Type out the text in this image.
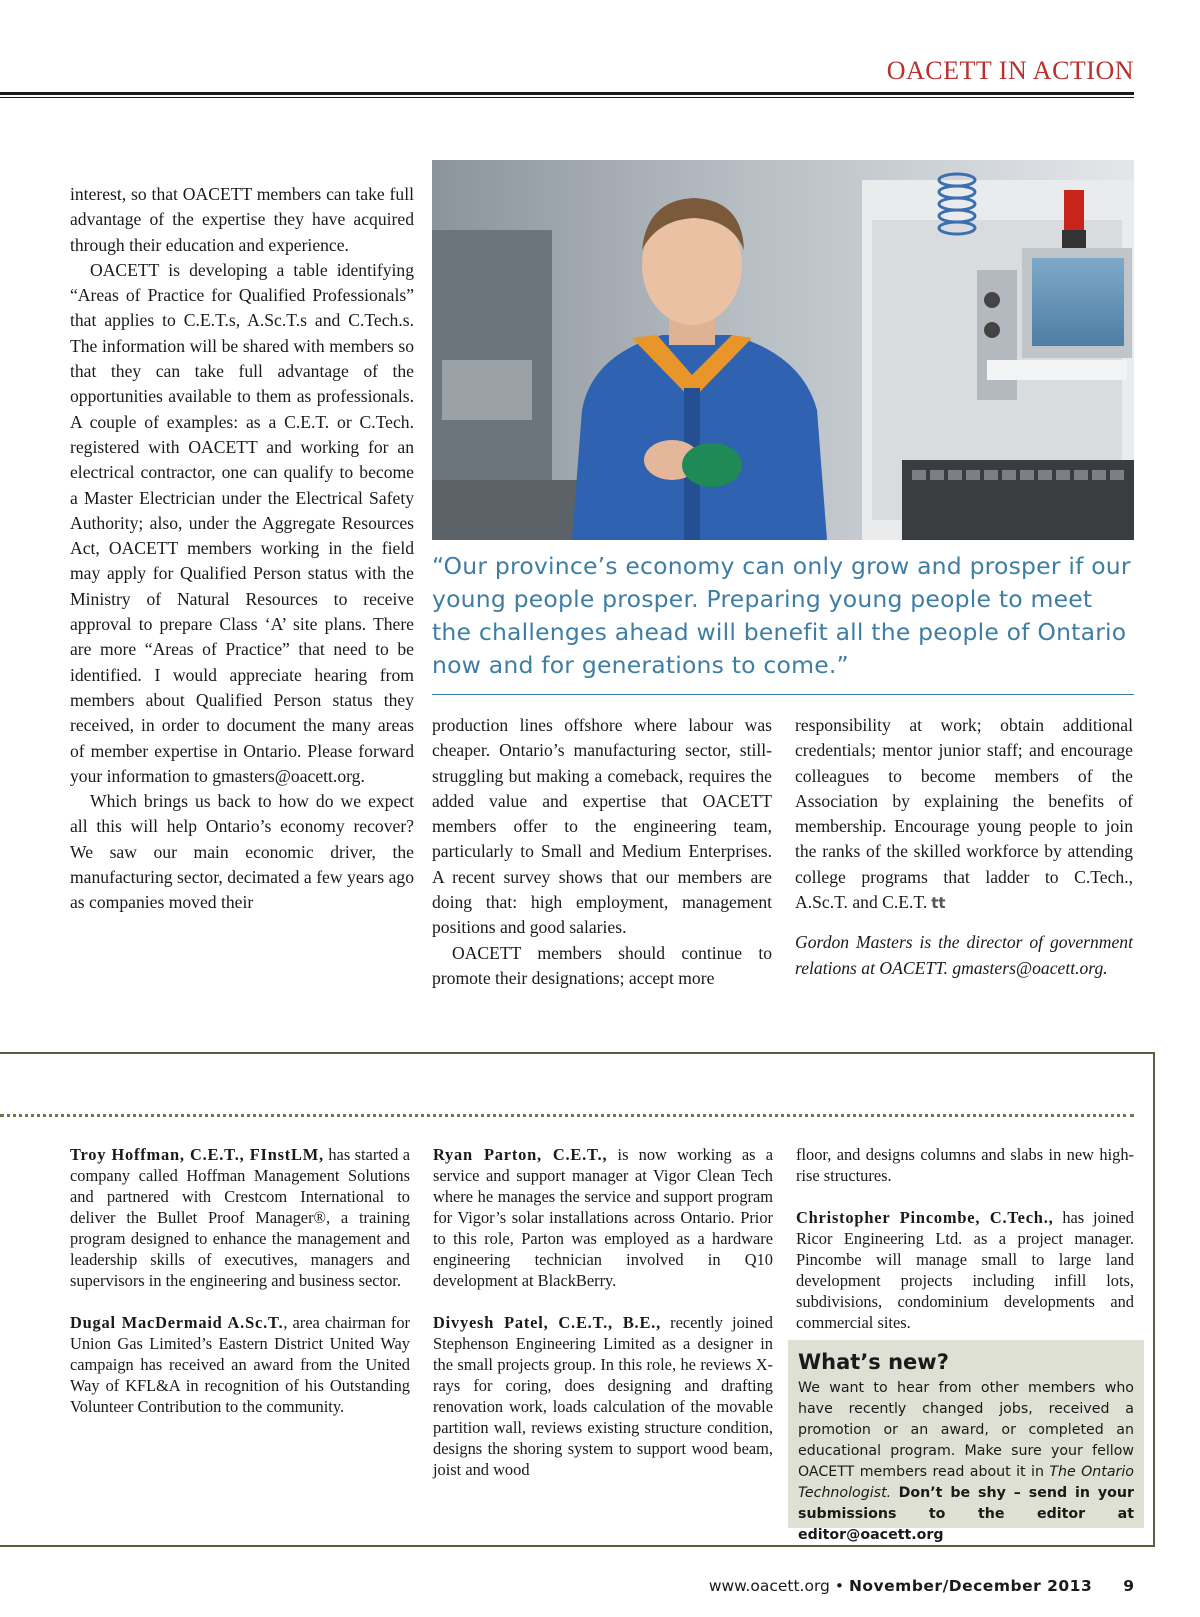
OACETT IN ACTION
“Our province’s economy can only grow and prosper if our young people prosper. Preparing young people to meet the challenges ahead will benefit all the people of Ontario now and for generations to come.”

interest, so that OACETT members can take full advantage of the expertise they have acquired through their education and experience.

OACETT is developing a table identifying “Areas of Practice for Qualified Professionals” that applies to C.E.T.s, A.Sc.T.s and C.Tech.s. The information will be shared with members so that they can take full advantage of the opportunities available to them as professionals. A couple of examples: as a C.E.T. or C.Tech. registered with OACETT and working for an electrical contractor, one can qualify to become a Master Electrician under the Electrical Safety Authority; also, under the Aggregate Resources Act, OACETT members working in the field may apply for Qualified Person status with the Ministry of Natural Resources to receive approval to prepare Class ‘A’ site plans. There are more “Areas of Practice” that need to be identified. I would appreciate hearing from members about Qualified Person status they received, in order to document the many areas of member expertise in Ontario. Please forward your information to gmasters@oacett.org.

Which brings us back to how do we expect all this will help Ontario’s economy recover? We saw our main economic driver, the manufacturing sector, decimated a few years ago as companies moved their

production lines offshore where labour was cheaper. Ontario’s manufacturing sector, still-struggling but making a comeback, requires the added value and expertise that OACETT members offer to the engineering team, particularly to Small and Medium Enterprises. A recent survey shows that our members are doing that: high employment, management positions and good salaries.

OACETT members should continue to promote their designations; accept more

responsibility at work; obtain additional credentials; mentor junior staff; and encourage colleagues to become members of the Association by explaining the benefits of membership. Encourage young people to join the ranks of the skilled workforce by attending college programs that ladder to C.Tech., A.Sc.T. and C.E.T. tt

Gordon Masters is the director of government relations at OACETT. gmasters@oacett.org.

Troy Hoffman, C.E.T., FInstLM, has started a company called Hoffman Management Solutions and partnered with Crestcom International to deliver the Bullet Proof Manager®, a training program designed to enhance the management and leadership skills of executives, managers and supervisors in the engineering and business sector.

Dugal MacDermaid A.Sc.T., area chairman for Union Gas Limited’s Eastern District United Way campaign has received an award from the United Way of KFL&A in recognition of his Outstanding Volunteer Contribution to the community.

Ryan Parton, C.E.T., is now working as a service and support manager at Vigor Clean Tech where he manages the service and support program for Vigor’s solar installations across Ontario. Prior to this role, Parton was employed as a hardware engineering technician involved in Q10 development at BlackBerry.

Divyesh Patel, C.E.T., B.E., recently joined Stephenson Engineering Limited as a designer in the small projects group. In this role, he reviews X-rays for coring, does designing and drafting renovation work, loads calculation of the movable partition wall, reviews existing structure condition, designs the shoring system to support wood beam, joist and wood

floor, and designs columns and slabs in new high-rise structures.

Christopher Pincombe, C.Tech., has joined Ricor Engineering Ltd. as a project manager. Pincombe will manage small to large land development projects including infill lots, subdivisions, condominium developments and commercial sites.

What’s new?

We want to hear from other members who have recently changed jobs, received a promotion or an award, or completed an educational program. Make sure your fellow OACETT members read about it in The Ontario Technologist. Don’t be shy – send in your submissions to the editor at editor@oacett.org

www.oacett.org • November/December 2013 9
